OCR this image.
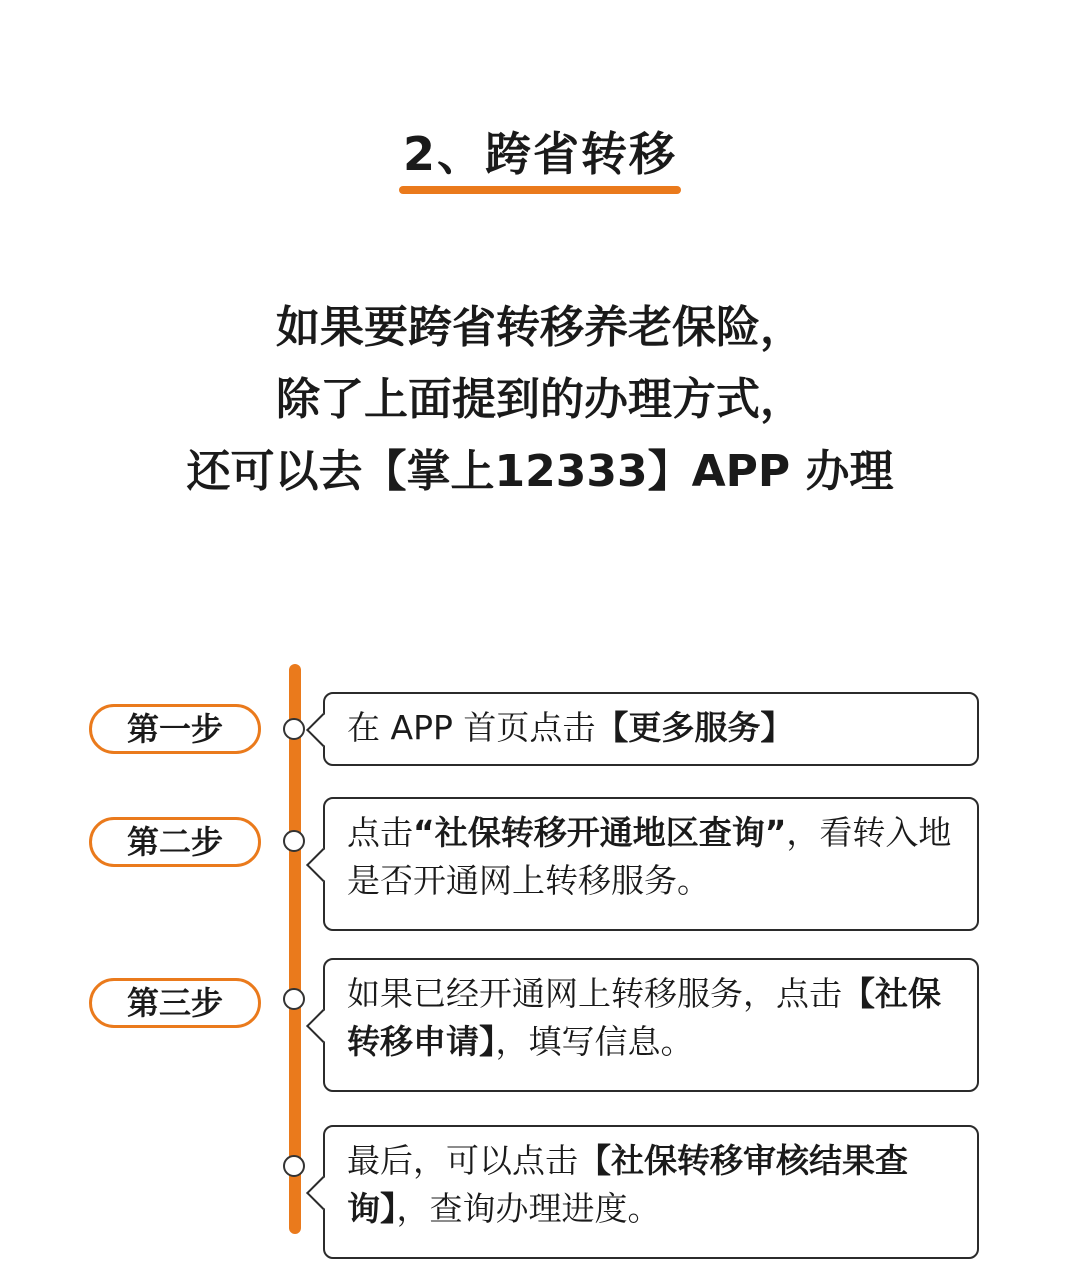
2、跨省转移
如果要跨省转移养老保险，
除了上面提到的办理方式，
还可以去【掌上12333】APP 办理
第一步	在 APP 首页点击【更多服务】
第二步	点击“社保转移开通地区查询”，看转入地是否开通网上转移服务。
第三步	如果已经开通网上转移服务，点击【社保转移申请】，填写信息。
最后，可以点击【社保转移审核结果查询】，查询办理进度。
